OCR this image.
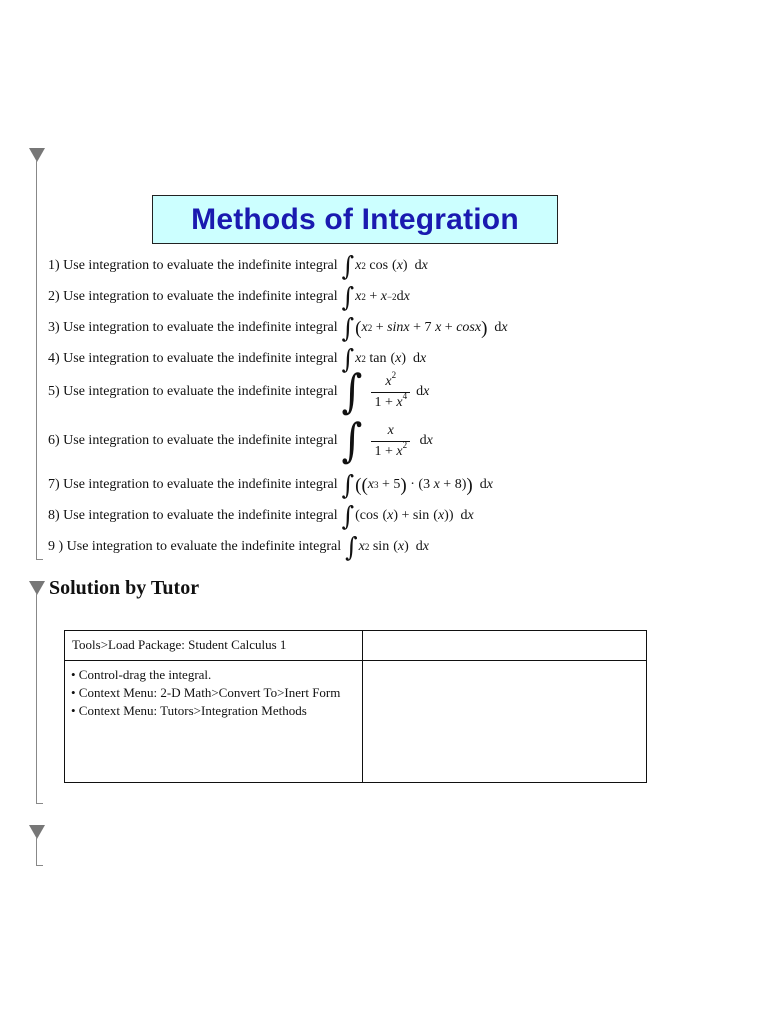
Methods of Integration
1) Use integration to evaluate the indefinite integral ∫ x 2 cos ( x )  d x
2) Use integration to evaluate the indefinite integral ∫ x 2 + x −2 d x
3) Use integration to evaluate the indefinite integral ∫ ( x 2 + sinx + 7 x + cosx ) d x
4) Use integration to evaluate the indefinite integral ∫ x 2 tan ( x )  d x
5) Use integration to evaluate the indefinite integral ∫ $\frac{x^2}{1 + x^4}$ d x
6) Use integration to evaluate the indefinite integral ∫ $\frac{x}{1 + x^2}$ d x
7) Use integration to evaluate the indefinite integral ∫ ( ( x 3 + 5 ) · (3 x + 8) ) d x
8) Use integration to evaluate the indefinite integral ∫ (cos ( x ) + sin ( x ))  d x
9 ) Use integration to evaluate the indefinite integral ∫ x 2 sin ( x )  d x
Solution by Tutor
Tools>Load Package: Student Calculus 1	

• Control-drag the integral.
• Context Menu: 2-D Math>Convert To>Inert Form
• Context Menu: Tutors>Integration Methods	
